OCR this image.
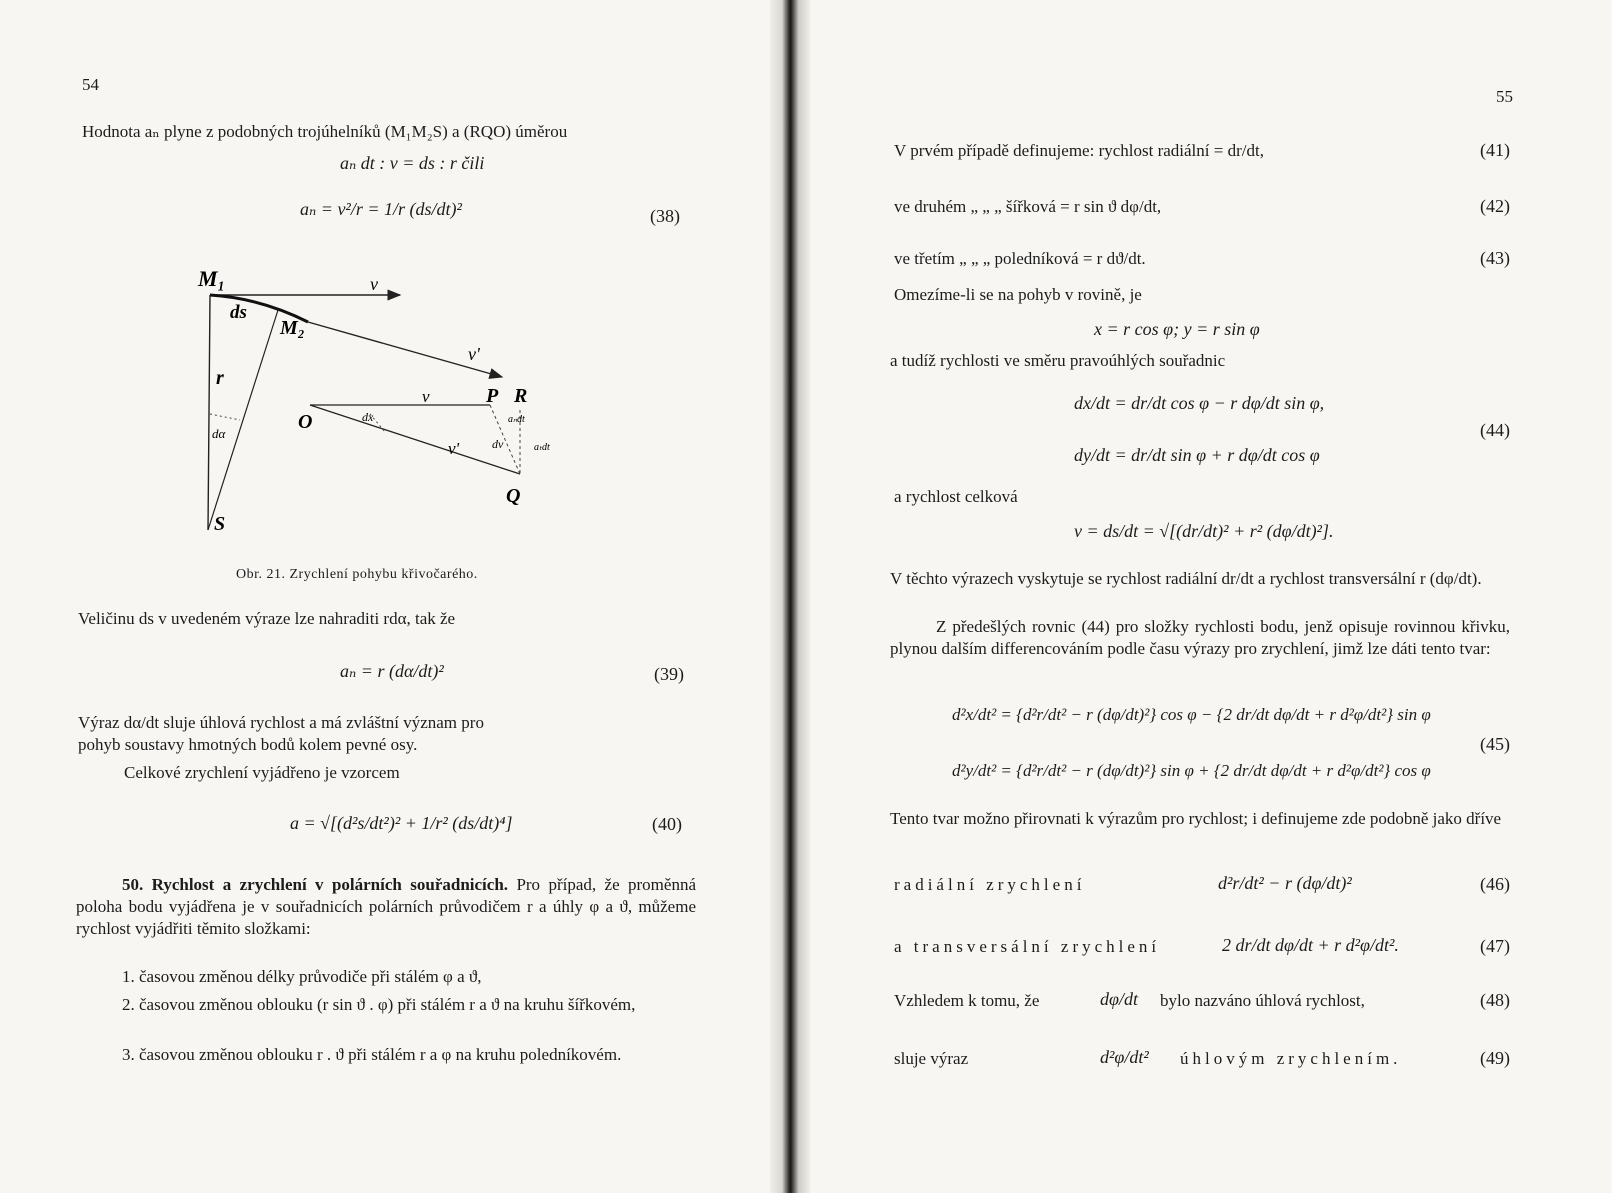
54
Hodnota aₙ plyne z podobných trojúhelníků (M₁M₂S) a (RQO) úměrou
aₙ dt : v = ds : r čili
aₙ = v²/r = 1/r (ds/dt)²	(38)
M₁
M₂
ds
r
dα
S
v
v'
O
P R
Q
dx
v
v'	dv
aₙdt
aₜdt
Obr. 21. Zrychlení pohybu křivočarého.
Veličinu ds v uvedeném výraze lze nahraditi rdα, tak že
aₙ = r (dα/dt)²	(39)
Výraz dα/dt sluje úhlová rychlost a má zvláštní význam pro
pohyb soustavy hmotných bodů kolem pevné osy.
Celkové zrychlení vyjádřeno je vzorcem
a = √[(d²s/dt²)² + 1/r² (ds/dt)⁴]	(40)
50. Rychlost a zrychlení v polárních souřadnicích. Pro případ, že proměnná poloha bodu vyjádřena je v souřadnicích polárních průvodičem r a úhly φ a ϑ, můžeme rychlost vyjádřiti těmito složkami:
1. časovou změnou délky průvodiče při stálém φ a ϑ,
2. časovou změnou oblouku (r sin ϑ . φ) při stálém r a ϑ na kruhu šířkovém,
3. časovou změnou oblouku r . ϑ při stálém r a φ na kruhu poledníkovém.
55
V prvém případě definujeme: rychlost radiální = dr/dt,	(41)
ve druhém „ „ „ šířková = r sin ϑ dφ/dt,	(42)
ve třetím „ „ „ poledníková = r dϑ/dt.	(43)
Omezíme-li se na pohyb v rovině, je
x = r cos φ; y = r sin φ
a tudíž rychlosti ve směru pravoúhlých souřadnic
dx/dt = dr/dt cos φ − r dφ/dt sin φ,
dy/dt = dr/dt sin φ + r dφ/dt cos φ
(44)
a rychlost celková
v = ds/dt = √[(dr/dt)² + r² (dφ/dt)²].
V těchto výrazech vyskytuje se rychlost radiální dr/dt a rychlost transversální r (dφ/dt).
Z předešlých rovnic (44) pro složky rychlosti bodu, jenž opisuje rovinnou křivku, plynou dalším differencováním podle času výrazy pro zrychlení, jimž lze dáti tento tvar:
d²x/dt² = {d²r/dt² − r (dφ/dt)²} cos φ − {2 dr/dt dφ/dt + r d²φ/dt²} sin φ
d²y/dt² = {d²r/dt² − r (dφ/dt)²} sin φ + {2 dr/dt dφ/dt + r d²φ/dt²} cos φ
(45)
Tento tvar možno přirovnati k výrazům pro rychlost; i definujeme zde podobně jako dříve
radiální zrychlení	d²r/dt² − r (dφ/dt)²	(46)
a transversální zrychlení	2 dr/dt dφ/dt + r d²φ/dt².	(47)
Vzhledem k tomu, že	dφ/dt bylo nazváno úhlová rychlost,	(48)
sluje výraz	d²φ/dt² úhlovým zrychlením.	(49)
